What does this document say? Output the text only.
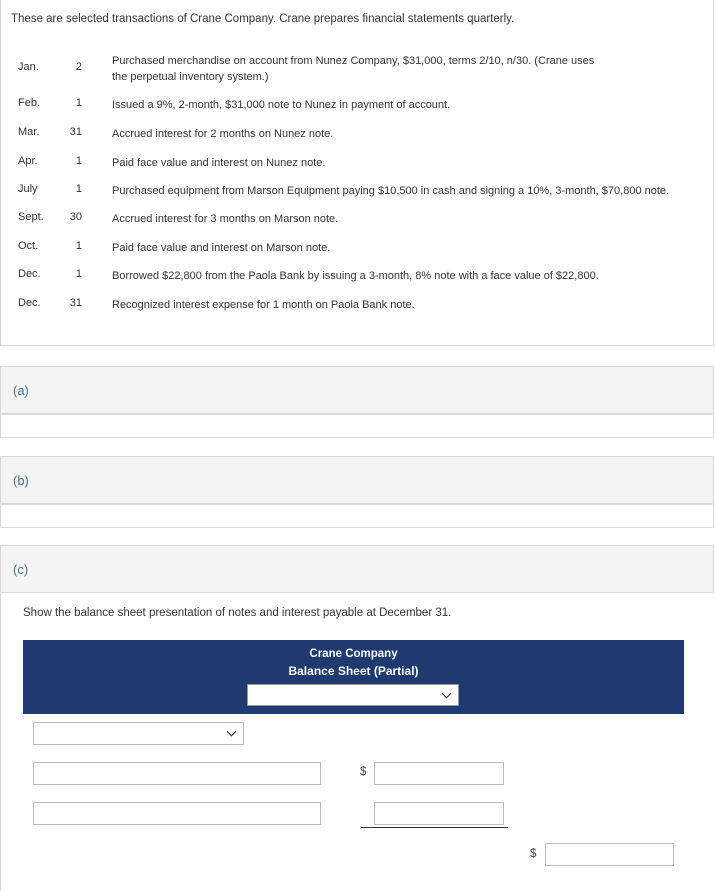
These are selected transactions of Crane Company. Crane prepares financial statements quarterly.
Jan.	2	Purchased merchandise on account from Nunez Company, $31,000, terms 2/10, n/30. (Crane uses the perpetual inventory system.)
Feb.	1	Issued a 9%, 2-month, $31,000 note to Nunez in payment of account.
Mar.	31	Accrued interest for 2 months on Nunez note.
Apr.	1	Paid face value and interest on Nunez note.
July	1	Purchased equipment from Marson Equipment paying $10,500 in cash and signing a 10%, 3-month, $70,800 note.
Sept.	30	Accrued interest for 3 months on Marson note.
Oct.	1	Paid face value and interest on Marson note.
Dec.	1	Borrowed $22,800 from the Paola Bank by issuing a 3-month, 8% note with a face value of $22,800.
Dec.	31	Recognized interest expense for 1 month on Paola Bank note.
(a)
(b)
(c)
Show the balance sheet presentation of notes and interest payable at December 31.
Crane Company
Balance Sheet (Partial)
$
$
